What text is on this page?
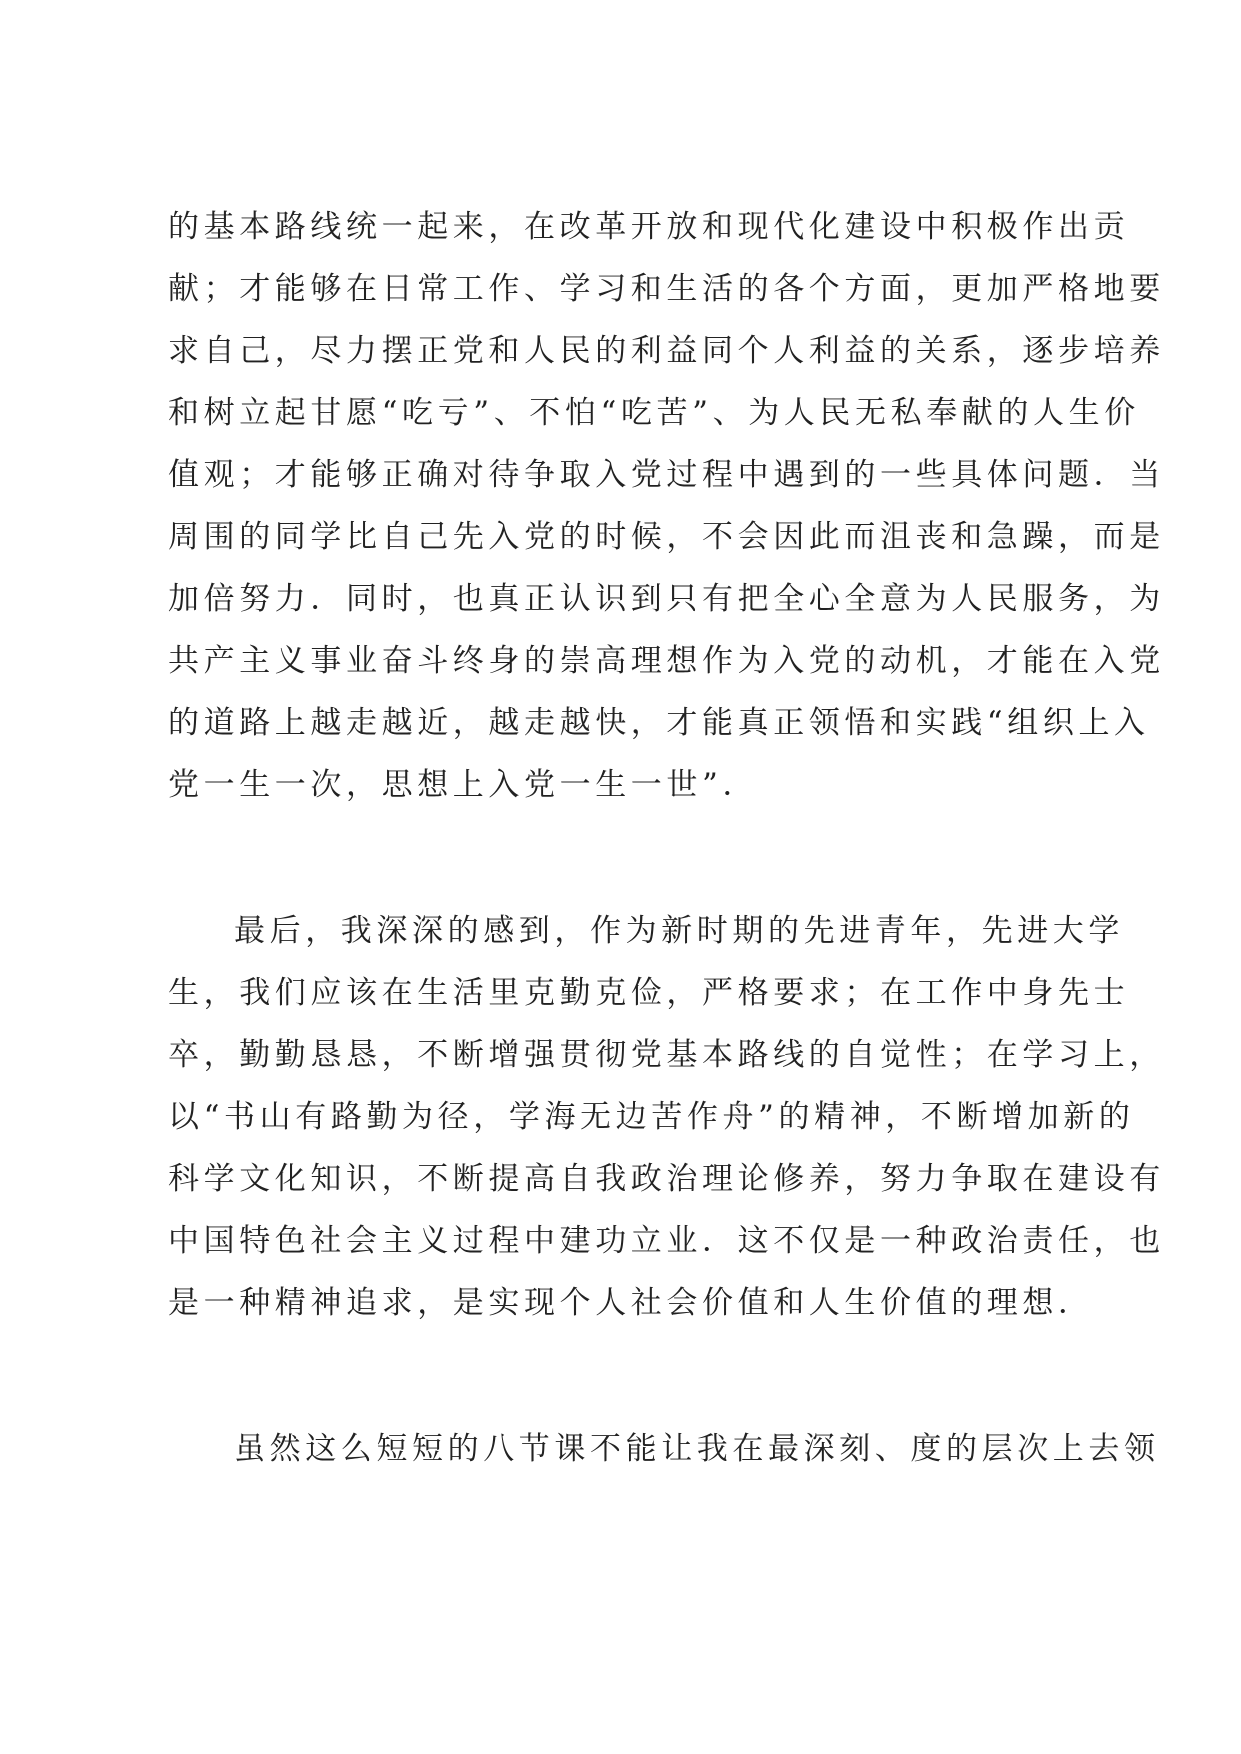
的基本路线统一起来，在改革开放和现代化建设中积极作出贡
献；才能够在日常工作、学习和生活的各个方面，更加严格地要
求自己，尽力摆正党和人民的利益同个人利益的关系，逐步培养
和树立起甘愿“吃亏”、不怕“吃苦”、为人民无私奉献的人生价
值观；才能够正确对待争取入党过程中遇到的一些具体问题．当
周围的同学比自己先入党的时候，不会因此而沮丧和急躁，而是
加倍努力．同时，也真正认识到只有把全心全意为人民服务，为
共产主义事业奋斗终身的崇高理想作为入党的动机，才能在入党
的道路上越走越近，越走越快，才能真正领悟和实践“组织上入
党一生一次，思想上入党一生一世”．
最后，我深深的感到，作为新时期的先进青年，先进大学
生，我们应该在生活里克勤克俭，严格要求；在工作中身先士
卒，勤勤恳恳，不断增强贯彻党基本路线的自觉性；在学习上，
以“书山有路勤为径，学海无边苦作舟”的精神，不断增加新的
科学文化知识，不断提高自我政治理论修养，努力争取在建设有
中国特色社会主义过程中建功立业．这不仅是一种政治责任，也
是一种精神追求，是实现个人社会价值和人生价值的理想．
虽然这么短短的八节课不能让我在最深刻、度的层次上去领
